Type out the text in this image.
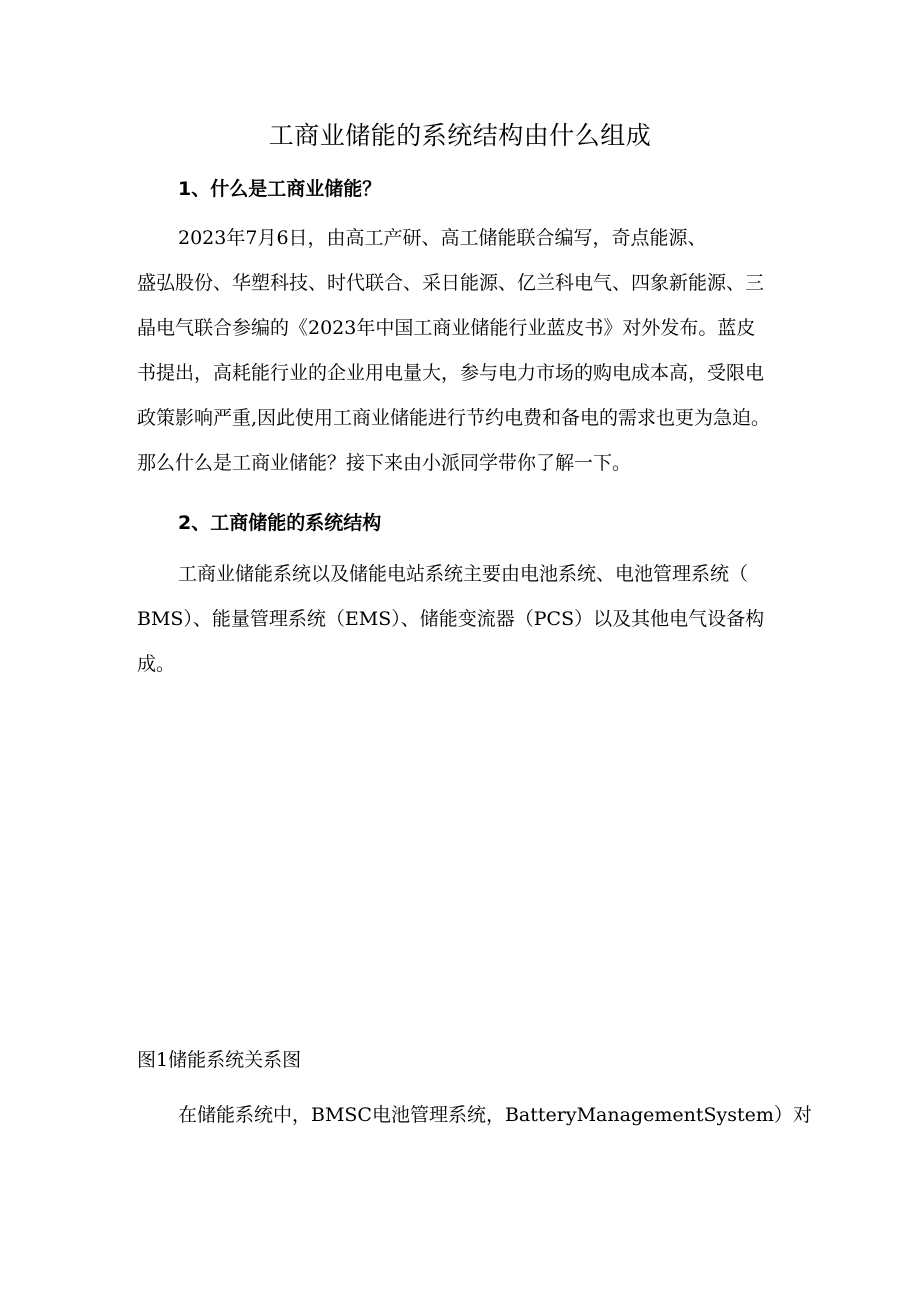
工商业储能的系统结构由什么组成
1、什么是工商业储能？
2023年7月6日，由高工产研、高工储能联合编写，奇点能源、
盛弘股份、华塑科技、时代联合、采日能源、亿兰科电气、四象新能源、三
晶电气联合参编的《2023年中国工商业储能行业蓝皮书》对外发布。蓝皮
书提出，高耗能行业的企业用电量大，参与电力市场的购电成本高，受限电
政策影响严重,因此使用工商业储能进行节约电费和备电的需求也更为急迫。
那么什么是工商业储能？接下来由小派同学带你了解一下。
2、工商储能的系统结构
工商业储能系统以及储能电站系统主要由电池系统、电池管理系统（
BMS）、能量管理系统（EMS）、储能变流器（PCS）以及其他电气设备构
成。

图1储能系统关系图

在储能系统中，BMSC电池管理系统，BatteryManagementSystem）对
